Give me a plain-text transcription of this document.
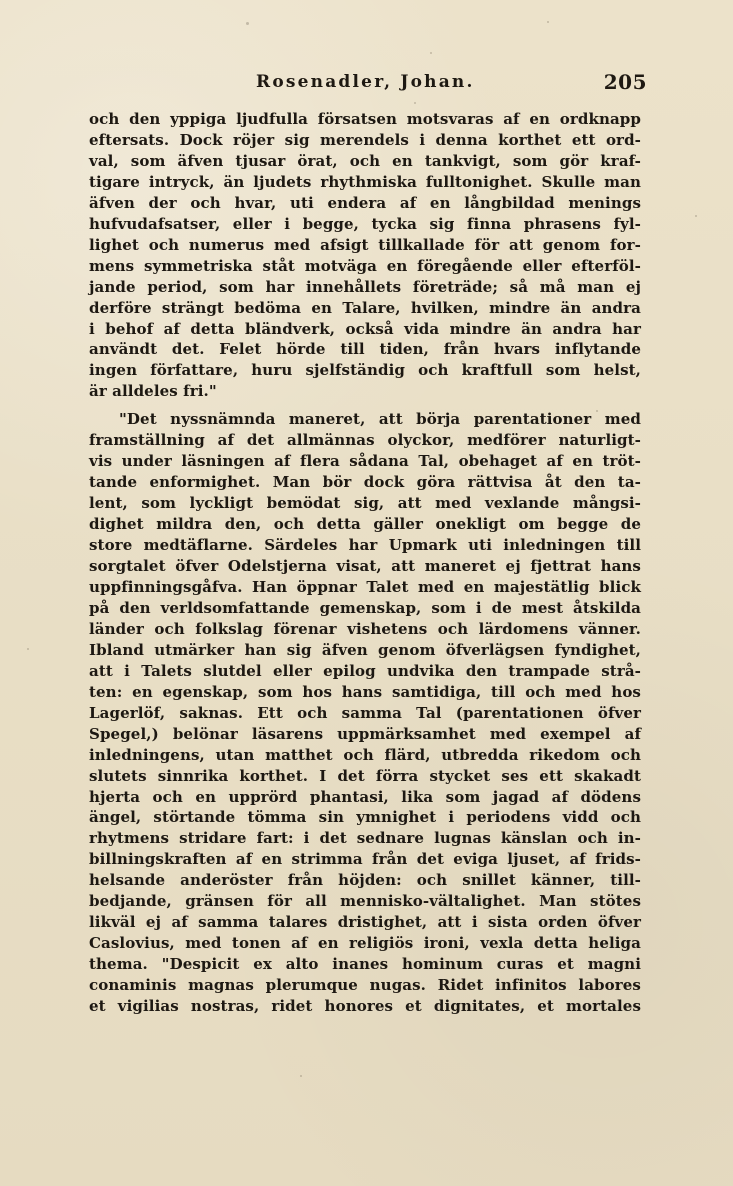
Rosenadler, Johan.	205
och den yppiga ljudfulla försatsen motsvaras af en ordknapp
eftersats. Dock röjer sig merendels i denna korthet ett ord-
val, som äfven tjusar örat, och en tankvigt, som gör kraf-
tigare intryck, än ljudets rhythmiska fulltonighet. Skulle man
äfven der och hvar, uti endera af en långbildad menings
hufvudafsatser, eller i begge, tycka sig finna phrasens fyl-
lighet och numerus med afsigt tillkallade för att genom for-
mens symmetriska ståt motväga en föregående eller efterföl-
jande period, som har innehållets företräde; så må man ej
derföre strängt bedöma en Talare, hvilken, mindre än andra
i behof af detta bländverk, också vida mindre än andra har
användt det. Felet hörde till tiden, från hvars inflytande
ingen författare, huru sjelfständig och kraftfull som helst,
är alldeles fri."
"Det nyssnämnda maneret, att börja parentationer med
framställning af det allmännas olyckor, medförer naturligt-
vis under läsningen af flera sådana Tal, obehaget af en tröt-
tande enformighet. Man bör dock göra rättvisa åt den ta-
lent, som lyckligt bemödat sig, att med vexlande mångsi-
dighet mildra den, och detta gäller onekligt om begge de
store medtäflarne. Särdeles har Upmark uti inledningen till
sorgtalet öfver Odelstjerna visat, att maneret ej fjettrat hans
uppfinningsgåfva. Han öppnar Talet med en majestätlig blick
på den verldsomfattande gemenskap, som i de mest åtskilda
länder och folkslag förenar vishetens och lärdomens vänner.
Ibland utmärker han sig äfven genom öfverlägsen fyndighet,
att i Talets slutdel eller epilog undvika den trampade strå-
ten: en egenskap, som hos hans samtidiga, till och med hos
Lagerlöf, saknas. Ett och samma Tal (parentationen öfver
Spegel,) belönar läsarens uppmärksamhet med exempel af
inledningens, utan matthet och flärd, utbredda rikedom och
slutets sinnrika korthet. I det förra stycket ses ett skakadt
hjerta och en upprörd phantasi, lika som jagad af dödens
ängel, störtande tömma sin ymnighet i periodens vidd och
rhytmens stridare fart: i det sednare lugnas känslan och in-
billningskraften af en strimma från det eviga ljuset, af frids-
helsande anderöster från höjden: och snillet känner, till-
bedjande, gränsen för all mennisko-vältalighet. Man stötes
likväl ej af samma talares dristighet, att i sista orden öfver
Caslovius, med tonen af en religiös ironi, vexla detta heliga
thema. "Despicit ex alto inanes hominum curas et magni
conaminis magnas plerumque nugas. Ridet infinitos labores
et vigilias nostras, ridet honores et dignitates, et mortales
